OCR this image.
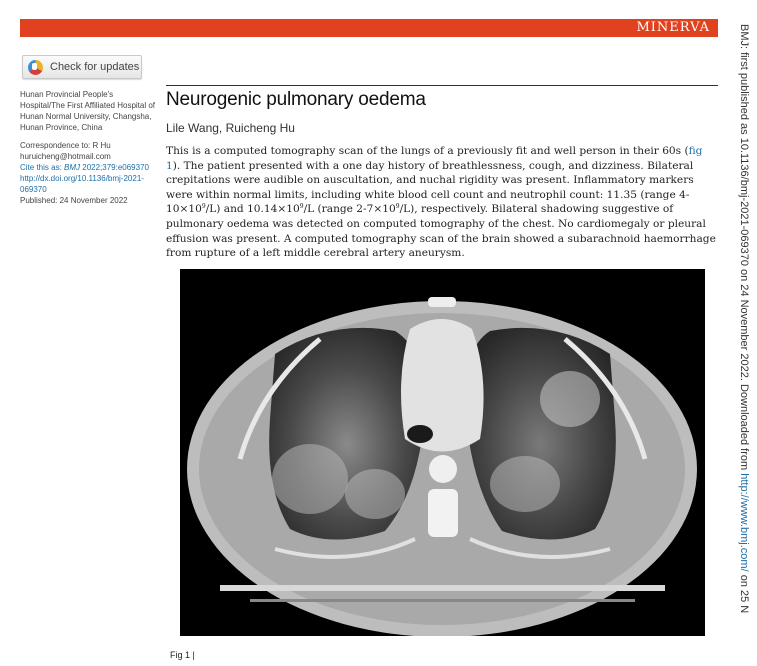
MINERVA
Check for updates

Hunan Provincial People's Hospital/The First Affiliated Hospital of Hunan Normal University, Changsha, Hunan Province, China

Correspondence to: R Hu
huruicheng@hotmail.com
Cite this as: BMJ 2022;379:e069370
http://dx.doi.org/10.1136/bmj-2021-069370
Published: 24 November 2022

Neurogenic pulmonary oedema
Lile Wang, Ruicheng Hu

This is a computed tomography scan of the lungs of a previously fit and well person in their 60s (fig 1). The patient presented with a one day history of breathlessness, cough, and dizziness. Bilateral crepitations were audible on auscultation, and nuchal rigidity was present. Inflammatory markers were within normal limits, including white blood cell count and neutrophil count: 11.35 (range $4-10\times 10^9/L$) and $10.14\times 10^9/L$ (range $2-7\times 10^9/L$), respectively. Bilateral shadowing suggestive of pulmonary oedema was detected on computed tomography of the chest. No cardiomegaly or pleural effusion was present. A computed tomography scan of the brain showed a subarachnoid haemorrhage from rupture of a left middle cerebral artery aneurysm.

Fig 1 |
BMJ: first published as 10.1136/bmj-2021-069370 on 24 November 2022. Downloaded from http://www.bmj.com/ on 25 N
